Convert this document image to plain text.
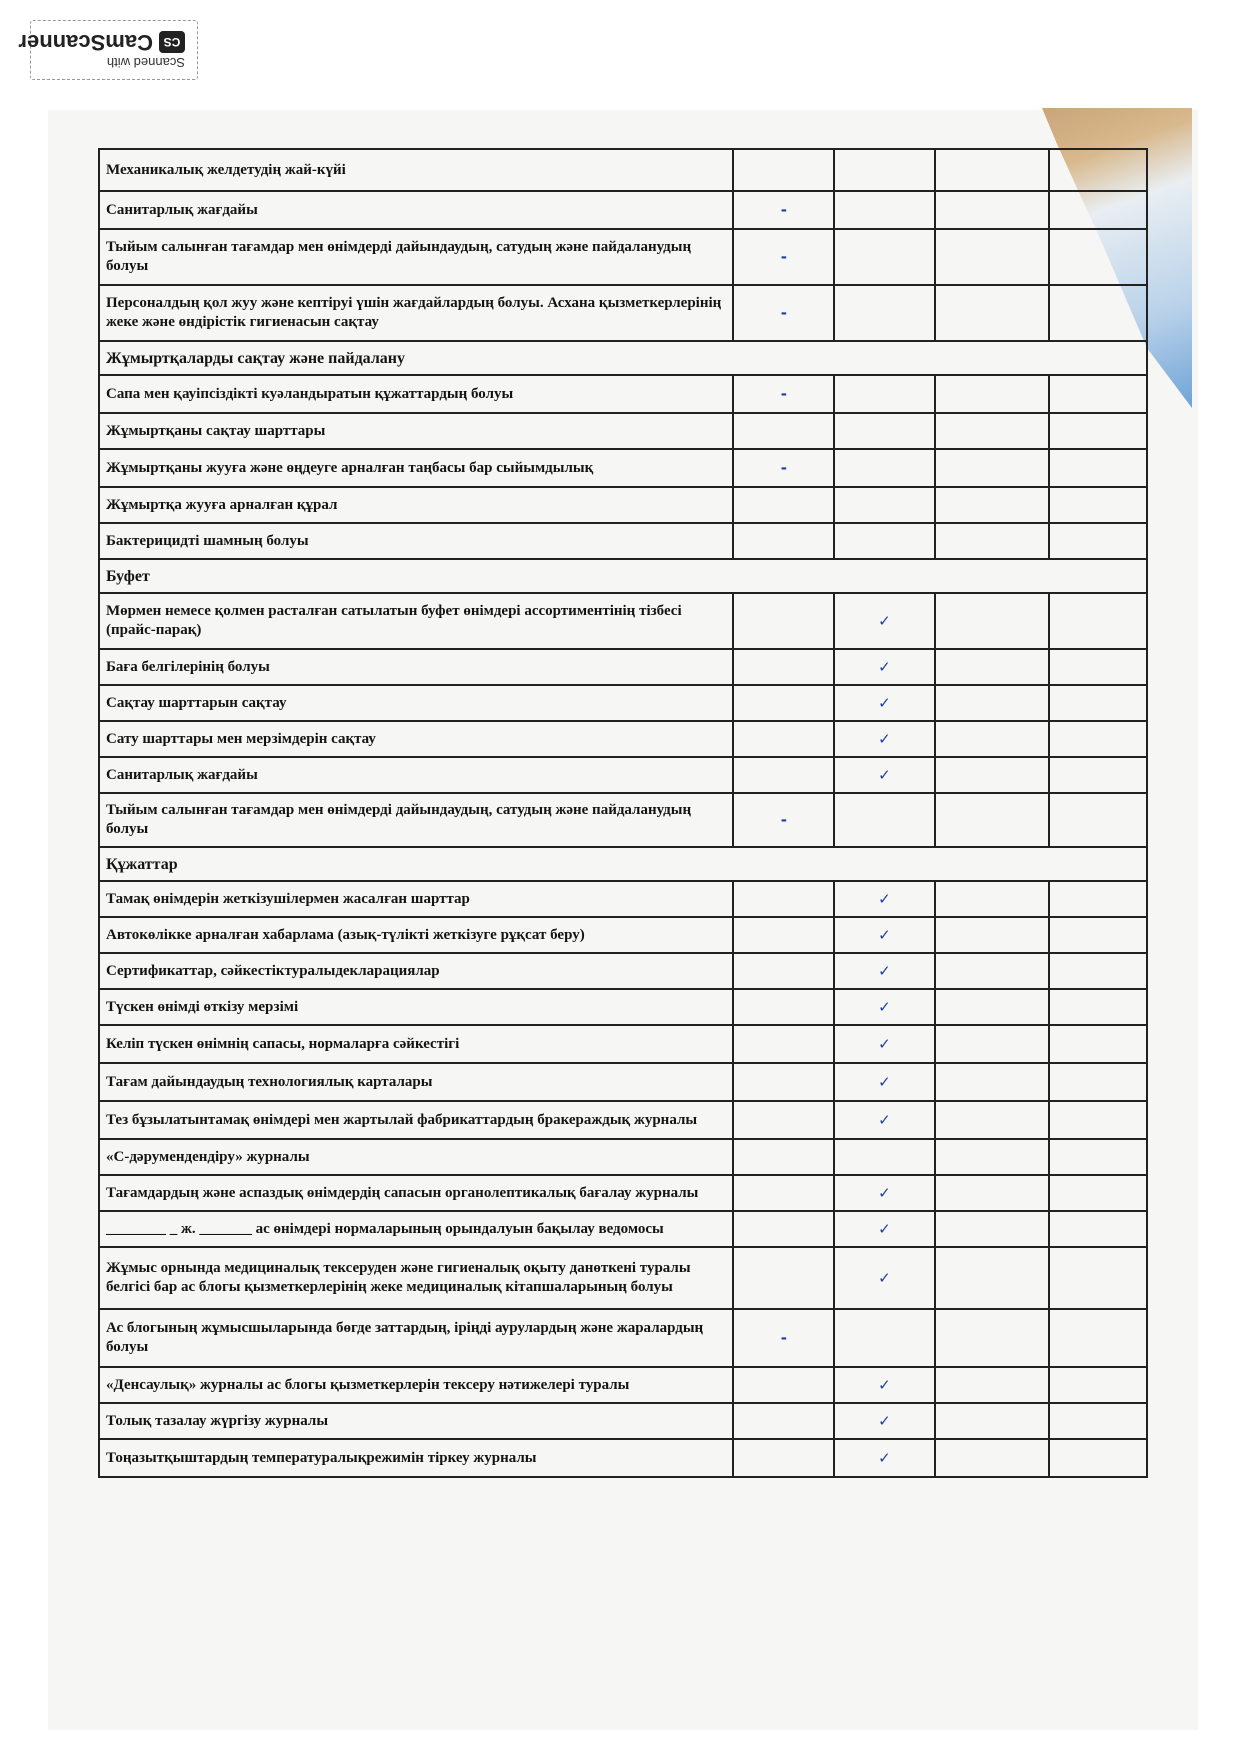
Scanned with
CS
CamScanner
Механикалық желдетудің жай-күйі				
Санитарлық жағдайы	-			
Тыйым салынған тағамдар мен өнімдерді дайындаудың, сатудың және пайдаланудың болуы	-			
Персоналдың қол жуу және кептіруі үшін жағдайлардың болуы. Асхана қызметкерлерінің жеке және өндірістік гигиенасын сақтау	-			
Жұмыртқаларды сақтау және пайдалану				
Сапа мен қауіпсіздікті куәландыратын құжаттардың болуы	-			
Жұмыртқаны сақтау шарттары				
Жұмыртқаны жууға және өңдеуге арналған таңбасы бар сыйымдылық	-			
Жұмыртқа жууға арналған құрал				
Бактерицидті шамның болуы				
Буфет				
Мөрмен немесе қолмен расталған сатылатын буфет өнімдері ассортиментінің тізбесі (прайс-парақ)		✓		
Баға белгілерінің болуы		✓		
Сақтау шарттарын сақтау		✓		
Сату шарттары мен мерзімдерін сақтау		✓		
Санитарлық жағдайы		✓		
Тыйым салынған тағамдар мен өнімдерді дайындаудың, сатудың және пайдаланудың болуы	-			
Құжаттар				
Тамақ өнімдерін жеткізушілермен жасалған шарттар		✓		
Автокөлікке арналған хабарлама (азық-түлікті жеткізуге рұқсат беру)		✓		
Сертификаттар, сәйкестіктуралыдекларациялар		✓		
Түскен өнімді өткізу мерзімі		✓		
Келіп түскен өнімнің сапасы, нормаларға сәйкестігі		✓		
Тағам дайындаудың технологиялық карталары		✓		
Тез бұзылатынтамақ өнімдері мен жартылай фабрикаттардың бракераждық журналы		✓		
«С-дәрумендендіру» журналы				
Тағамдардың және аспаздық өнімдердің сапасын органолептикалық бағалау журналы		✓		
________ _ ж. _______ ас өнімдері нормаларының орындалуын бақылау ведомосы		✓		
Жұмыс орнында медициналық тексеруден және гигиеналық оқыту данөткені туралы белгісі бар ас блогы қызметкерлерінің жеке медициналық кітапшаларының болуы		✓		
Ас блогының жұмысшыларында бөгде заттардың, іріңді аурулардың және жаралардың болуы	-			
«Денсаулық» журналы ас блогы қызметкерлерін тексеру нәтижелері туралы		✓		
Толық тазалау жүргізу журналы		✓		
Тоңазытқыштардың температуралықрежимін тіркеу журналы		✓		
